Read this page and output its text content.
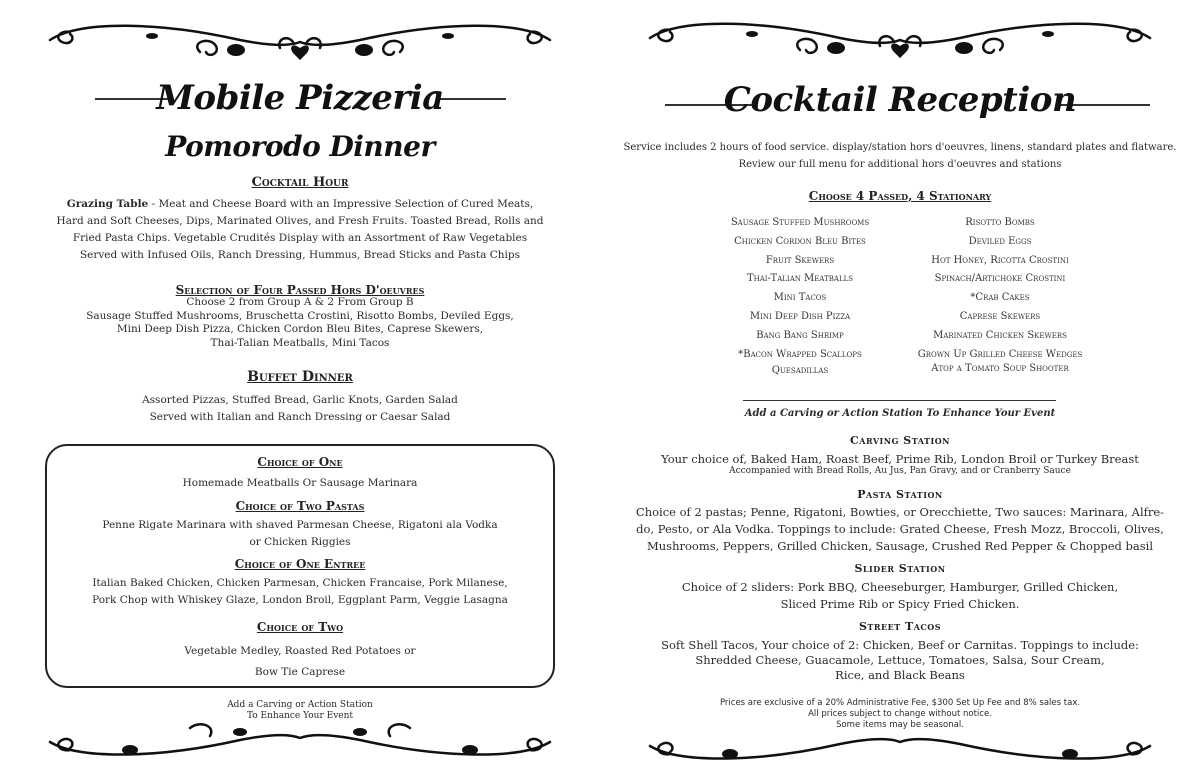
Mobile Pizzeria
Pomorodo Dinner
Cocktail Hour
Grazing Table - Meat and Cheese Board with an Impressive Selection of Cured Meats,
Hard and Soft Cheeses, Dips, Marinated Olives, and Fresh Fruits. Toasted Bread, Rolls and
Fried Pasta Chips. Vegetable Crudités Display with an Assortment of Raw Vegetables
Served with Infused Oils, Ranch Dressing, Hummus, Bread Sticks and Pasta Chips
Selection of Four Passed Hors D'oeuvres
Choose 2 from Group A & 2 From Group B
Sausage Stuffed Mushrooms, Bruschetta Crostini, Risotto Bombs, Deviled Eggs,
Mini Deep Dish Pizza, Chicken Cordon Bleu Bites, Caprese Skewers,
Thai-Talian Meatballs, Mini Tacos
Buffet Dinner
Assorted Pizzas, Stuffed Bread, Garlic Knots, Garden Salad
Served with Italian and Ranch Dressing or Caesar Salad
Choice of One
Homemade Meatballs Or Sausage Marinara
Choice of Two Pastas
Penne Rigate Marinara with shaved Parmesan Cheese, Rigatoni ala Vodka
or Chicken Riggies
Choice of One Entree
Italian Baked Chicken, Chicken Parmesan, Chicken Francaise, Pork Milanese,
Pork Chop with Whiskey Glaze, London Broil, Eggplant Parm, Veggie Lasagna
Choice of Two
Vegetable Medley, Roasted Red Potatoes or
Bow Tie Caprese
Add a Carving or Action Station
To Enhance Your Event
Cocktail Reception
Service includes 2 hours of food service. display/station hors d'oeuvres, linens, standard plates and flatware.
Review our full menu for additional hors d'oeuvres and stations
Choose 4 Passed, 4 Stationary
Sausage Stuffed Mushrooms
Chicken Cordon Bleu Bites
Fruit Skewers
Thai-Talian Meatballs
Mini Tacos
Mini Deep Dish Pizza
Bang Bang Shrimp
*Bacon Wrapped Scallops
Quesadillas
Risotto Bombs
Deviled Eggs
Hot Honey, Ricotta Crostini
Spinach/Artichoke Crostini
*Crab Cakes
Caprese Skewers
Marinated Chicken Skewers
Grown Up Grilled Cheese Wedges
Atop a Tomato Soup Shooter
Add a Carving or Action Station To Enhance Your Event
Carving Station
Your choice of, Baked Ham, Roast Beef, Prime Rib, London Broil or Turkey Breast
Accompanied with Bread Rolls, Au Jus, Pan Gravy, and or Cranberry Sauce
Pasta Station
Choice of 2 pastas; Penne, Rigatoni, Bowties, or Orecchiette, Two sauces: Marinara, Alfre-
do, Pesto, or Ala Vodka. Toppings to include: Grated Cheese, Fresh Mozz, Broccoli, Olives,
Mushrooms, Peppers, Grilled Chicken, Sausage, Crushed Red Pepper & Chopped basil
Slider Station
Choice of 2 sliders: Pork BBQ, Cheeseburger, Hamburger, Grilled Chicken,
Sliced Prime Rib or Spicy Fried Chicken.
Street Tacos
Soft Shell Tacos, Your choice of 2: Chicken, Beef or Carnitas. Toppings to include:
Shredded Cheese, Guacamole, Lettuce, Tomatoes, Salsa, Sour Cream,
Rice, and Black Beans
Prices are exclusive of a 20% Administrative Fee, $300 Set Up Fee and 8% sales tax.
All prices subject to change without notice.
Some items may be seasonal.
